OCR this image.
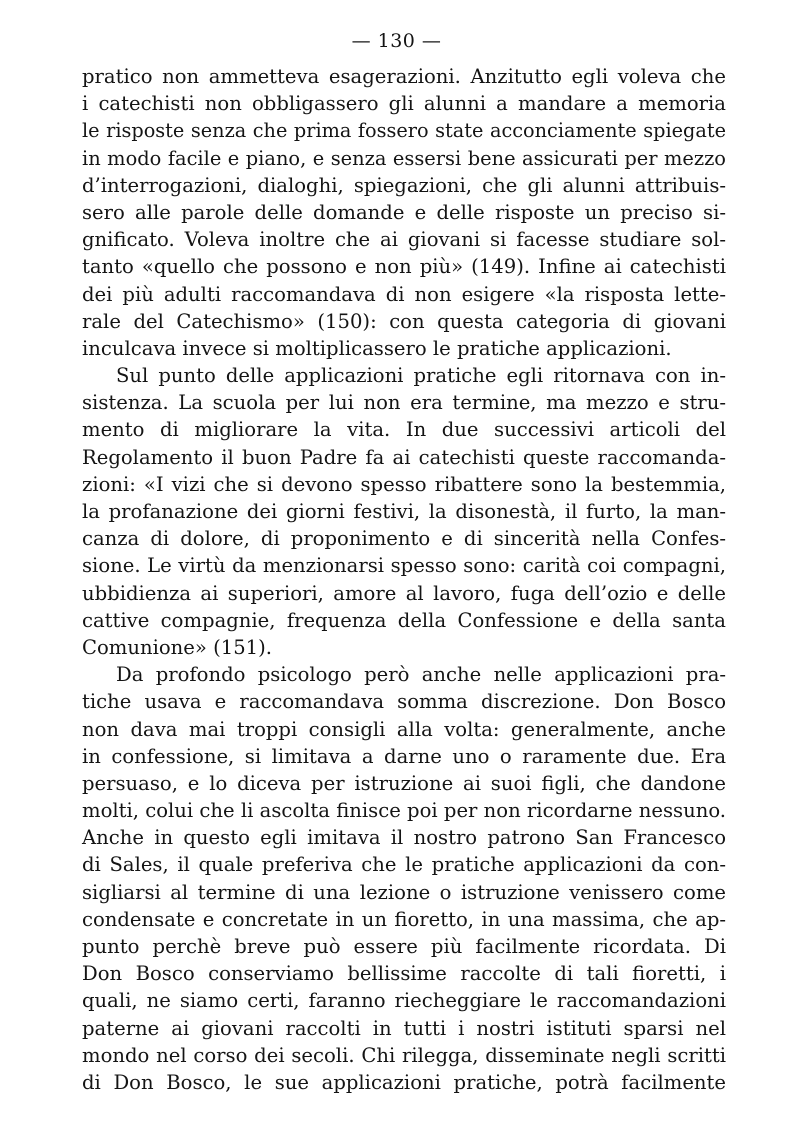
— 130 —
pratico non ammetteva esagerazioni. Anzitutto egli voleva che
i catechisti non obbligassero gli alunni a mandare a memoria
le risposte senza che prima fossero state acconciamente spiegate
in modo facile e piano, e senza essersi bene assicurati per mezzo
d’interrogazioni, dialoghi, spiegazioni, che gli alunni attribuis-
sero alle parole delle domande e delle risposte un preciso si-
gnificato. Voleva inoltre che ai giovani si facesse studiare sol-
tanto «quello che possono e non più» (149). Infine ai catechisti
dei più adulti raccomandava di non esigere «la risposta lette-
rale del Catechismo» (150): con questa categoria di giovani
inculcava invece si moltiplicassero le pratiche applicazioni.
Sul punto delle applicazioni pratiche egli ritornava con in-
sistenza. La scuola per lui non era termine, ma mezzo e stru-
mento di migliorare la vita. In due successivi articoli del
Regolamento il buon Padre fa ai catechisti queste raccomanda-
zioni: «I vizi che si devono spesso ribattere sono la bestemmia,
la profanazione dei giorni festivi, la disonestà, il furto, la man-
canza di dolore, di proponimento e di sincerità nella Confes-
sione. Le virtù da menzionarsi spesso sono: carità coi compagni,
ubbidienza ai superiori, amore al lavoro, fuga dell’ozio e delle
cattive compagnie, frequenza della Confessione e della santa
Comunione» (151).
Da profondo psicologo però anche nelle applicazioni pra-
tiche usava e raccomandava somma discrezione. Don Bosco
non dava mai troppi consigli alla volta: generalmente, anche
in confessione, si limitava a darne uno o raramente due. Era
persuaso, e lo diceva per istruzione ai suoi figli, che dandone
molti, colui che li ascolta finisce poi per non ricordarne nessuno.
Anche in questo egli imitava il nostro patrono San Francesco
di Sales, il quale preferiva che le pratiche applicazioni da con-
sigliarsi al termine di una lezione o istruzione venissero come
condensate e concretate in un fioretto, in una massima, che ap-
punto perchè breve può essere più facilmente ricordata. Di
Don Bosco conserviamo bellissime raccolte di tali fioretti, i
quali, ne siamo certi, faranno riecheggiare le raccomandazioni
paterne ai giovani raccolti in tutti i nostri istituti sparsi nel
mondo nel corso dei secoli. Chi rilegga, disseminate negli scritti
di Don Bosco, le sue applicazioni pratiche, potrà facilmente
